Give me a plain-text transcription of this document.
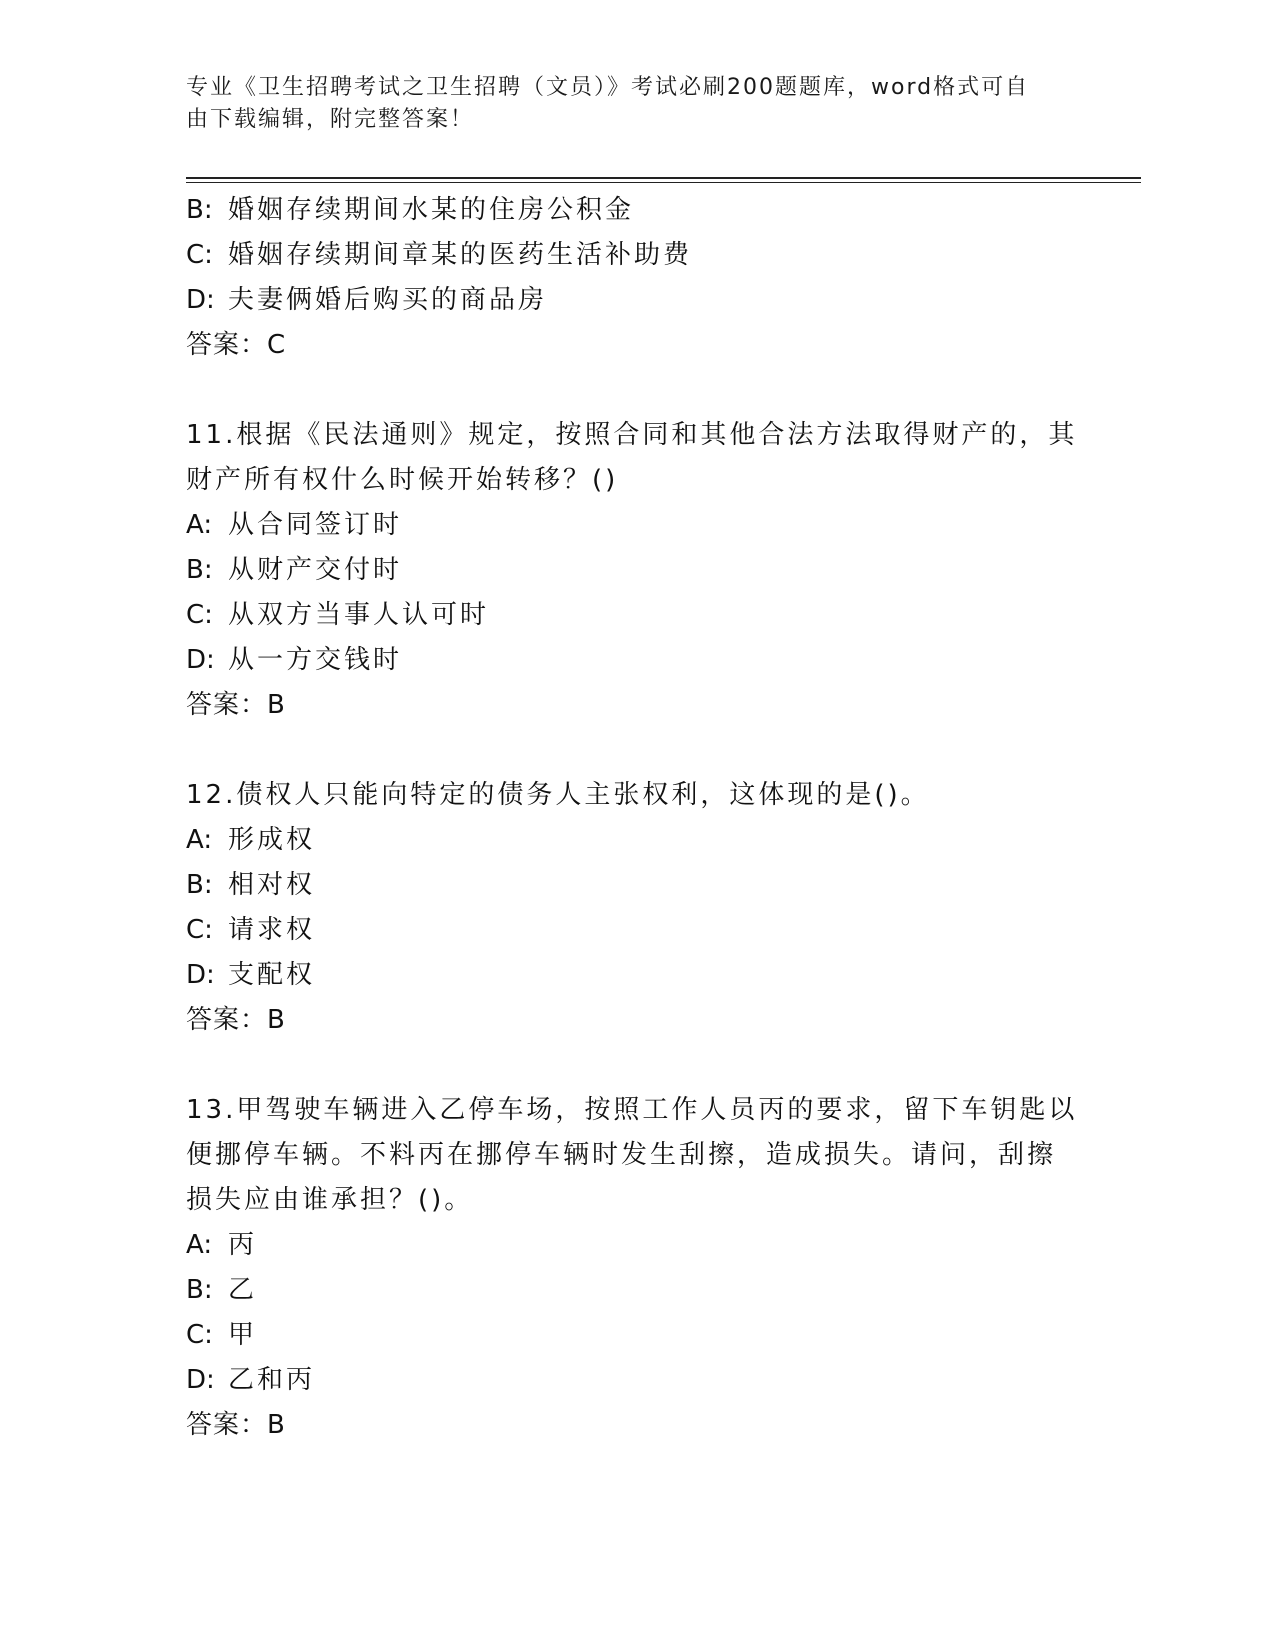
专业《卫生招聘考试之卫生招聘（文员）》考试必刷200题题库，word格式可自
由下载编辑，附完整答案！
B: 婚姻存续期间水某的住房公积金
C: 婚姻存续期间章某的医药生活补助费
D: 夫妻俩婚后购买的商品房
答案：C
11.根据《民法通则》规定，按照合同和其他合法方法取得财产的，其
财产所有权什么时候开始转移？()
A: 从合同签订时
B: 从财产交付时
C: 从双方当事人认可时
D: 从一方交钱时
答案：B
12.债权人只能向特定的债务人主张权利，这体现的是()。
A: 形成权
B: 相对权
C: 请求权
D: 支配权
答案：B
13.甲驾驶车辆进入乙停车场，按照工作人员丙的要求，留下车钥匙以
便挪停车辆。不料丙在挪停车辆时发生刮擦，造成损失。请问，刮擦
损失应由谁承担？()。
A: 丙
B: 乙
C: 甲
D: 乙和丙
答案：B
